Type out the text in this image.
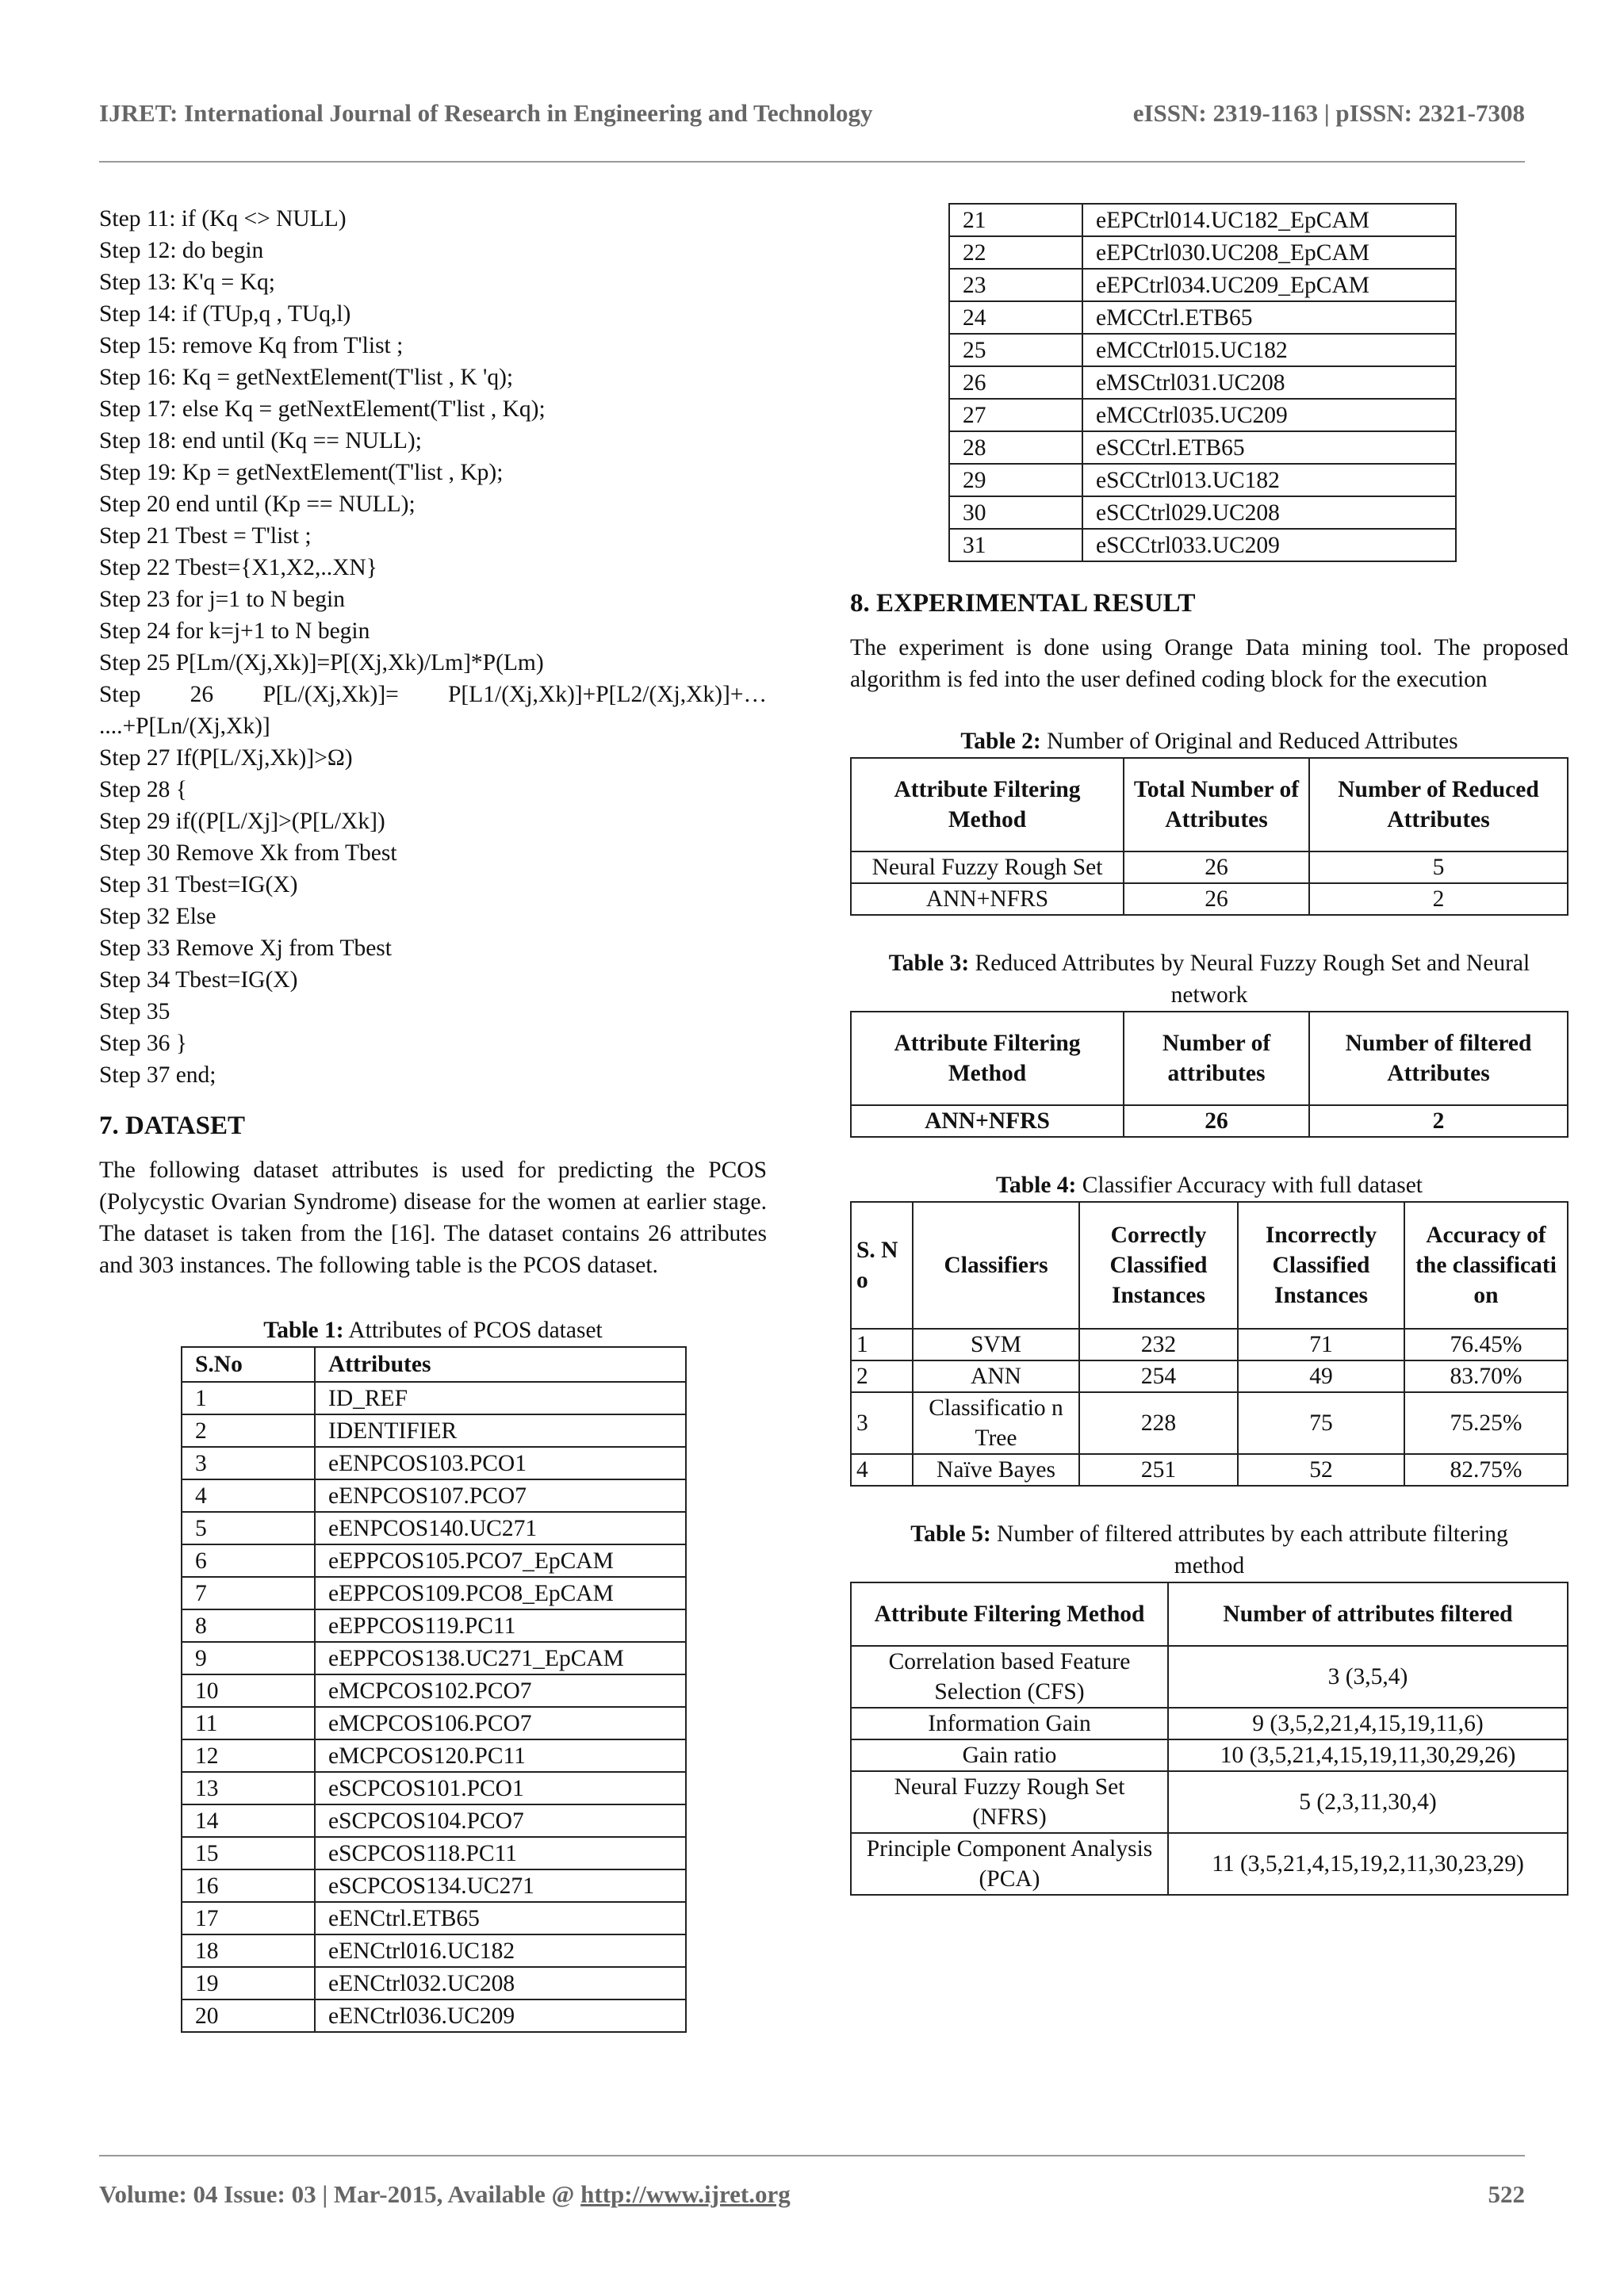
IJRET: International Journal of Research in Engineering and Technology	eISSN: 2319-1163 | pISSN: 2321-7308
Step 11: if (Kq <> NULL)
Step 12: do begin
Step 13: K'q = Kq;
Step 14: if (TUp,q , TUq,l)
Step 15: remove Kq from T'list ;
Step 16: Kq = getNextElement(T'list , K 'q);
Step 17: else Kq = getNextElement(T'list , Kq);
Step 18: end until (Kq == NULL);
Step 19: Kp = getNextElement(T'list , Kp);
Step 20 end until (Kp == NULL);
Step 21 Tbest = T'list ;
Step 22 Tbest={X1,X2,..XN}
Step 23 for j=1 to N begin
Step 24 for k=j+1 to N begin
Step 25 P[Lm/(Xj,Xk)]=P[(Xj,Xk)/Lm]*P(Lm)
Step 26 P[L/(Xj,Xk)]= P[L1/(Xj,Xk)]+P[L2/(Xj,Xk)]+…
....+P[Ln/(Xj,Xk)]
Step 27 If(P[L/Xj,Xk)]>Ω)
Step 28 {
Step 29 if((P[L/Xj]>(P[L/Xk])
Step 30 Remove Xk from Tbest
Step 31 Tbest=IG(X)
Step 32 Else
Step 33 Remove Xj from Tbest
Step 34 Tbest=IG(X)
Step 35
Step 36 }
Step 37 end;
7. DATASET

The following dataset attributes is used for predicting the PCOS (Polycystic Ovarian Syndrome) disease for the women at earlier stage. The dataset is taken from the [16]. The dataset contains 26 attributes and 303 instances. The following table is the PCOS dataset.

Table 1: Attributes of PCOS dataset
S.No	Attributes
1	ID_REF
2	IDENTIFIER
3	eENPCOS103.PCO1
4	eENPCOS107.PCO7
5	eENPCOS140.UC271
6	eEPPCOS105.PCO7_EpCAM
7	eEPPCOS109.PCO8_EpCAM
8	eEPPCOS119.PC11
9	eEPPCOS138.UC271_EpCAM
10	eMCPCOS102.PCO7
11	eMCPCOS106.PCO7
12	eMCPCOS120.PC11
13	eSCPCOS101.PCO1
14	eSCPCOS104.PCO7
15	eSCPCOS118.PC11
16	eSCPCOS134.UC271
17	eENCtrl.ETB65
18	eENCtrl016.UC182
19	eENCtrl032.UC208
20	eENCtrl036.UC209
21	eEPCtrl014.UC182_EpCAM
22	eEPCtrl030.UC208_EpCAM
23	eEPCtrl034.UC209_EpCAM
24	eMCCtrl.ETB65
25	eMCCtrl015.UC182
26	eMSCtrl031.UC208
27	eMCCtrl035.UC209
28	eSCCtrl.ETB65
29	eSCCtrl013.UC182
30	eSCCtrl029.UC208
31	eSCCtrl033.UC209
8. EXPERIMENTAL RESULT

The experiment is done using Orange Data mining tool. The proposed algorithm is fed into the user defined coding block for the execution

Table 2: Number of Original and Reduced Attributes
Attribute Filtering Method	Total Number of Attributes	Number of Reduced Attributes
Neural Fuzzy Rough Set	26	5
ANN+NFRS	26	2
Table 3: Reduced Attributes by Neural Fuzzy Rough Set and Neural network
Attribute Filtering Method	Number of attributes	Number of filtered Attributes
ANN+NFRS	26	2
Table 4: Classifier Accuracy with full dataset
S. N o	Classifiers	Correctly Classified Instances	Incorrectly Classified Instances	Accuracy of the classificati on
1	SVM	232	71	76.45%
2	ANN	254	49	83.70%
3	Classificatio n Tree	228	75	75.25%
4	Naïve Bayes	251	52	82.75%
Table 5: Number of filtered attributes by each attribute filtering method
Attribute Filtering Method	Number of attributes filtered
Correlation based Feature Selection (CFS)	3 (3,5,4)
Information Gain	9 (3,5,2,21,4,15,19,11,6)
Gain ratio	10 (3,5,21,4,15,19,11,30,29,26)
Neural Fuzzy Rough Set (NFRS)	5 (2,3,11,30,4)
Principle Component Analysis (PCA)	11 (3,5,21,4,15,19,2,11,30,23,29)
Volume: 04 Issue: 03 | Mar-2015, Available @ http://www.ijret.org	522
